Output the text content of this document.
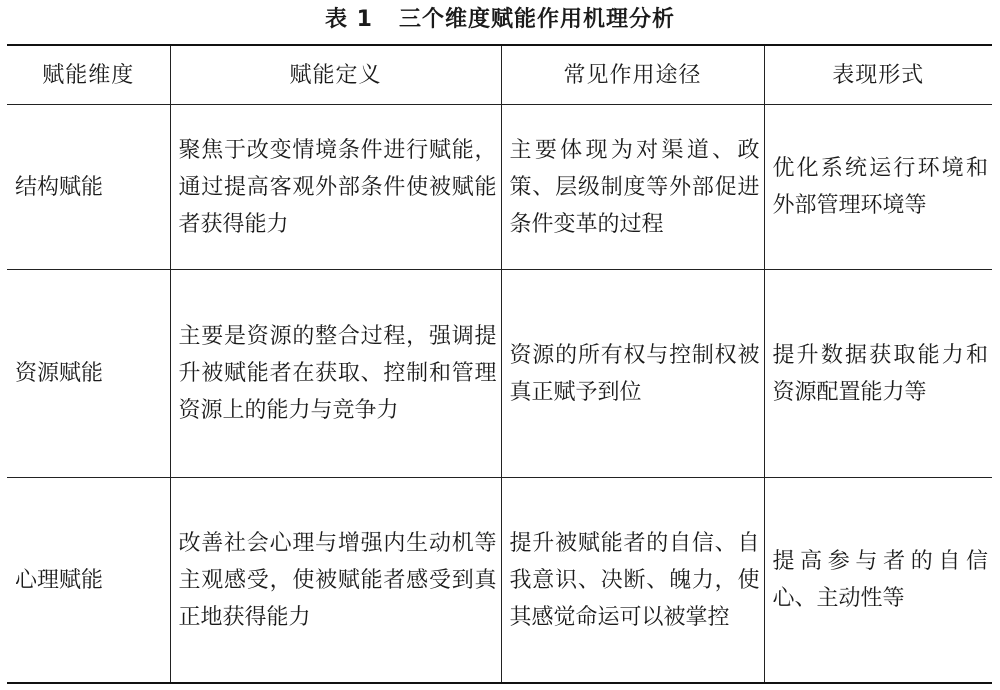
表 1 三个维度赋能作用机理分析
赋能维度	赋能定义	常见作用途径	表现形式
结构赋能	聚焦于改变情境条件进行赋能，通过提高客观外部条件使被赋能者获得能力	主要体现为对渠道、政策、层级制度等外部促进条件变革的过程	优化系统运行环境和外部管理环境等
资源赋能	主要是资源的整合过程，强调提升被赋能者在获取、控制和管理资源上的能力与竞争力	资源的所有权与控制权被真正赋予到位	提升数据获取能力和资源配置能力等
心理赋能	改善社会心理与增强内生动机等主观感受，使被赋能者感受到真正地获得能力	提升被赋能者的自信、自我意识、决断、魄力，使其感觉命运可以被掌控	提高参与者的自信心、主动性等
